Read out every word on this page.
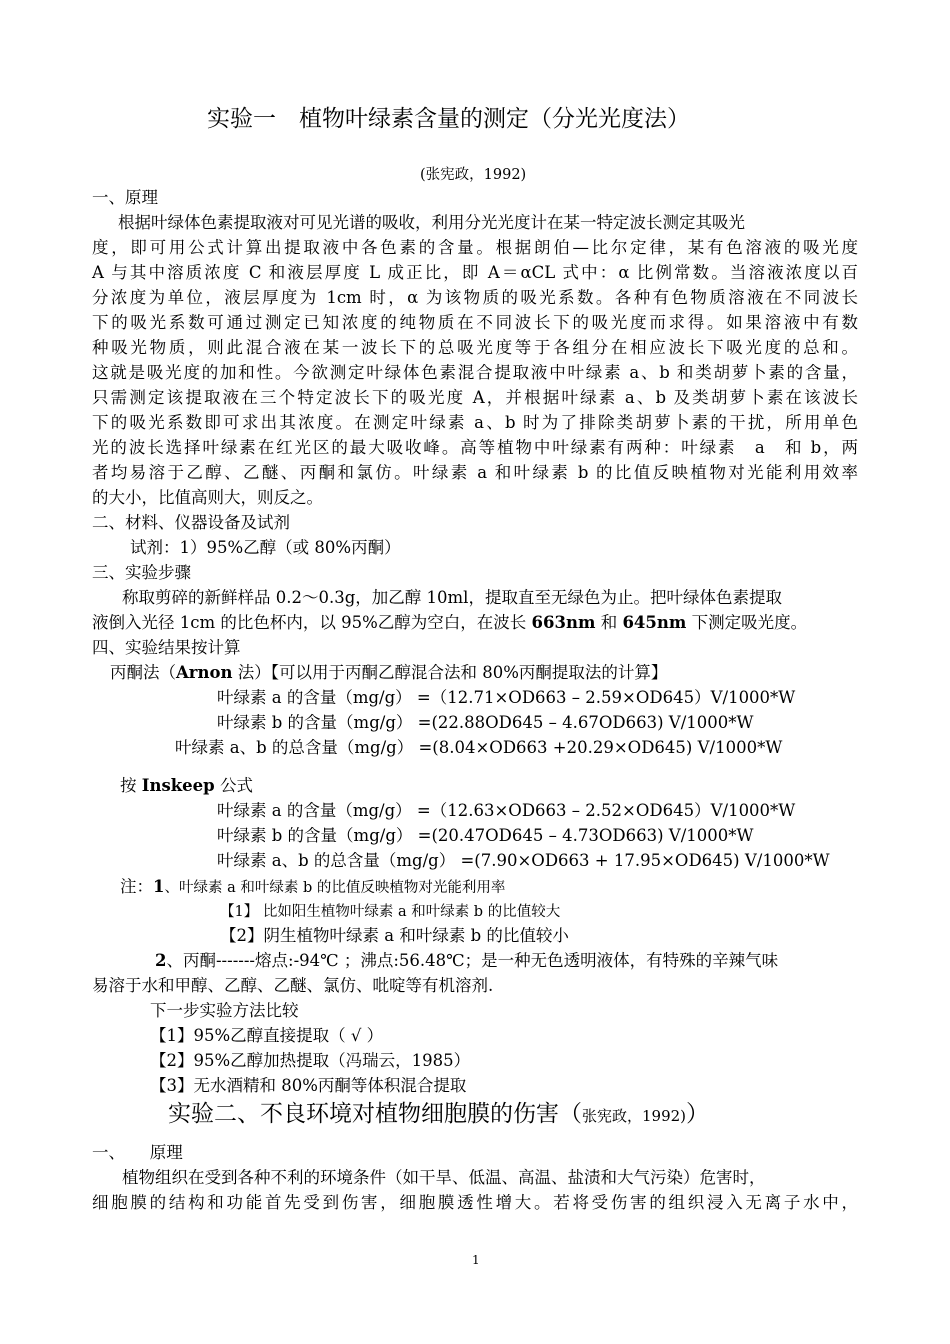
实验一　植物叶绿素含量的测定（分光光度法）
(张宪政，1992)
一、原理
根据叶绿体色素提取液对可见光谱的吸收，利用分光光度计在某一特定波长测定其吸光
度，即可用公式计算出提取液中各色素的含量。根据朗伯—比尔定律，某有色溶液的吸光度
A 与其中溶质浓度 C 和液层厚度 L 成正比，即 A＝αCL 式中：α 比例常数。当溶液浓度以百
分浓度为单位，液层厚度为 1cm 时，α 为该物质的吸光系数。各种有色物质溶液在不同波长
下的吸光系数可通过测定已知浓度的纯物质在不同波长下的吸光度而求得。如果溶液中有数
种吸光物质，则此混合液在某一波长下的总吸光度等于各组分在相应波长下吸光度的总和。
这就是吸光度的加和性。今欲测定叶绿体色素混合提取液中叶绿素 a、b 和类胡萝卜素的含量，
只需测定该提取液在三个特定波长下的吸光度 A，并根据叶绿素 a、b 及类胡萝卜素在该波长
下的吸光系数即可求出其浓度。在测定叶绿素 a、b 时为了排除类胡萝卜素的干扰，所用单色
光的波长选择叶绿素在红光区的最大吸收峰。高等植物中叶绿素有两种：叶绿素　a　和 b，两
者均易溶于乙醇、乙醚、丙酮和氯仿。叶绿素 a 和叶绿素 b 的比值反映植物对光能利用效率
的大小，比值高则大，则反之。
二、材料、仪器设备及试剂
试剂：1）95%乙醇（或 80%丙酮）
三、实验步骤
称取剪碎的新鲜样品 0.2～0.3g，加乙醇 10ml，提取直至无绿色为止。把叶绿体色素提取
液倒入光径 1cm 的比色杯内，以 95%乙醇为空白，在波长 663nm 和 645nm 下测定吸光度。
四、实验结果按计算
丙酮法（Arnon 法）【可以用于丙酮乙醇混合法和 80%丙酮提取法的计算】
叶绿素 a 的含量（mg/g） =（12.71×OD663 – 2.59×OD645）V/1000*W
叶绿素 b 的含量（mg/g） =(22.88OD645 – 4.67OD663) V/1000*W
叶绿素 a、b 的总含量（mg/g） =(8.04×OD663 +20.29×OD645) V/1000*W
按 Inskeep 公式
叶绿素 a 的含量（mg/g） =（12.63×OD663 – 2.52×OD645）V/1000*W
叶绿素 b 的含量（mg/g） =(20.47OD645 – 4.73OD663) V/1000*W
叶绿素 a、b 的总含量（mg/g） =(7.90×OD663 + 17.95×OD645) V/1000*W
注：1、叶绿素 a 和叶绿素 b 的比值反映植物对光能利用率
【1】 比如阳生植物叶绿素 a 和叶绿素 b 的比值较大
【2】阴生植物叶绿素 a 和叶绿素 b 的比值较小
2、丙酮-------熔点:-94℃ ；沸点:56.48℃；是一种无色透明液体，有特殊的辛辣气味
易溶于水和甲醇、乙醇、乙醚、氯仿、吡啶等有机溶剂.
下一步实验方法比较
【1】95%乙醇直接提取（ √ ）
【2】95%乙醇加热提取（冯瑞云，1985）
【3】无水酒精和 80%丙酮等体积混合提取
实验二、不良环境对植物细胞膜的伤害（张宪政，1992)）
一、　　原理
植物组织在受到各种不利的环境条件（如干旱、低温、高温、盐渍和大气污染）危害时，
细胞膜的结构和功能首先受到伤害，细胞膜透性增大。若将受伤害的组织浸入无离子水中，
1
